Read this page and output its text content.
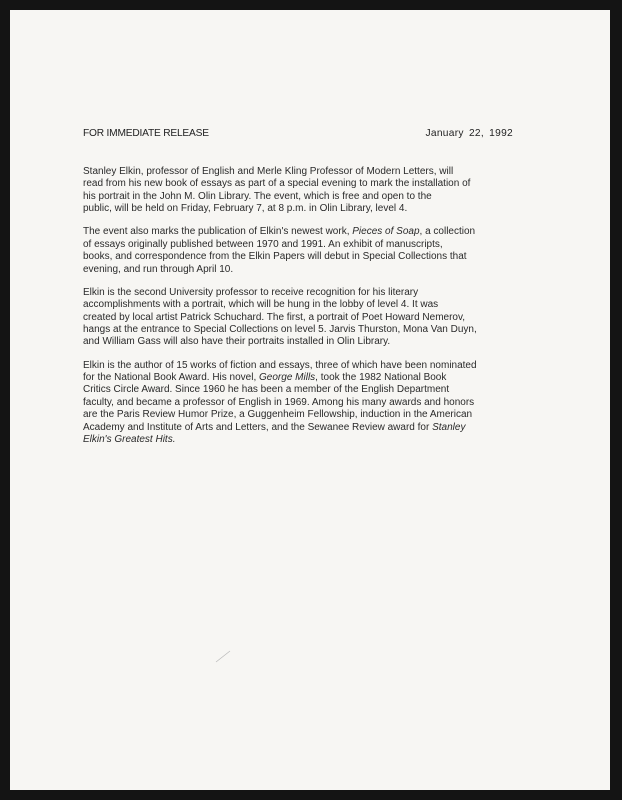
FOR IMMEDIATE RELEASE	January 22, 1992
Stanley Elkin, professor of English and Merle Kling Professor of Modern Letters, will
read from his new book of essays as part of a special evening to mark the installation of
his portrait in the John M. Olin Library. The event, which is free and open to the
public, will be held on Friday, February 7, at 8 p.m. in Olin Library, level 4.
The event also marks the publication of Elkin's newest work, Pieces of Soap, a collection
of essays originally published between 1970 and 1991. An exhibit of manuscripts,
books, and correspondence from the Elkin Papers will debut in Special Collections that
evening, and run through April 10.
Elkin is the second University professor to receive recognition for his literary
accomplishments with a portrait, which will be hung in the lobby of level 4. It was
created by local artist Patrick Schuchard. The first, a portrait of Poet Howard Nemerov,
hangs at the entrance to Special Collections on level 5. Jarvis Thurston, Mona Van Duyn,
and William Gass will also have their portraits installed in Olin Library.
Elkin is the author of 15 works of fiction and essays, three of which have been nominated
for the National Book Award. His novel, George Mills, took the 1982 National Book
Critics Circle Award. Since 1960 he has been a member of the English Department
faculty, and became a professor of English in 1969. Among his many awards and honors
are the Paris Review Humor Prize, a Guggenheim Fellowship, induction in the American
Academy and Institute of Arts and Letters, and the Sewanee Review award for Stanley
Elkin's Greatest Hits.
